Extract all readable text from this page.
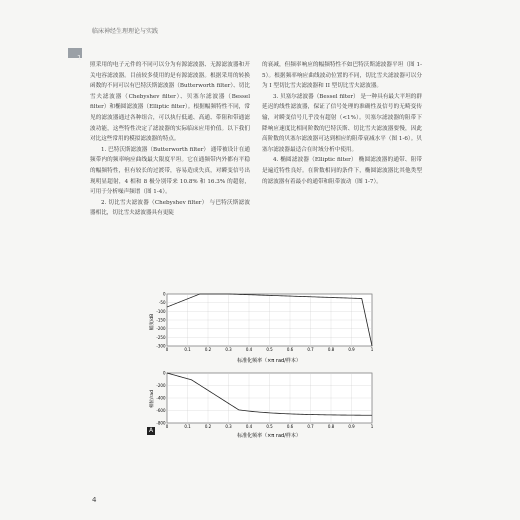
临床神经生理理论与实践
1

照采用的电子元件的不同可以分为有源滤波器、无源滤波器和开关电容滤波器。目前较多使用的是有源滤波器。根据采用的转换函数的不同可以有巴特沃斯滤波器（Butterworth filter）、切比雪夫滤波器（Chebyshev filter）、贝塞尔滤波器（Bessel filter）和椭圆滤波器（Elliptic filter）。根据幅频特性不同，常见的滤波器通过各种组合，可以执行低通、高通、带阻和带通滤波功能，这些特性决定了滤波器的实际临床应用价值。以下我们对比这些常用的模拟滤波器的特点。

1. 巴特沃斯滤波器（Butterworth filter） 通带被设计在通频带内的频率响应曲线最大限度平坦。它在通频带内外都有平稳的幅频特性，但有较长的过渡带，容易造成失真，对瞬变信号出现明显超射，4 相和 8 极分别带来 10.8% 和 16.3% 的超射，可用于分析噪声频谱（图 1-4）。

2. 切比雪夫滤波器（Chebyshev filter） 与巴特沃斯滤波器相比，切比雪夫滤波器具有更陡

的衰减，但频率响应的幅频特性不如巴特沃斯滤波器平坦（图 1-5）。根据频率响应曲线波动位置的不同，切比雪夫滤波器可以分为 I 型切比雪夫滤波器和 II 型切比雪夫滤波器。

3. 贝塞尔滤波器（Bessel filter） 是一种具有最大平坦的群延迟的线性滤波器，保证了信号处理的准确性及信号的无畸变传输，对瞬变信号几乎没有超射（<1%）。贝塞尔滤波器的阻带下降响应速度比相同阶数的巴特沃斯、切比雪夫滤波器要慢，因此高阶数的贝塞尔滤波器可达到相应的阻带衰减水平（图 1-6）。贝塞尔滤波器最适合在时域分析中使用。

4. 椭圆滤波器（Elliptic filter） 椭圆滤波器的通带、阻带是遍近特性良好。在阶数相同的条件下，椭圆滤波器比其他类型的滤波器有着最小的通带和阻带波动（图 1-7）。

0
-50
-100
-150
-200
-250
-300
0	0.1	0.2	0.3	0.4	0.5	0.6	0.7	0.8	0.9	1
幅度/dB
标准化频率（×π rad/样本）
0
-200
-400
-600
-800
0	0.1	0.2	0.3	0.4	0.5	0.6	0.7	0.8	0.9	1
相位/rad
标准化频率（×π rad/样本）
A
4
